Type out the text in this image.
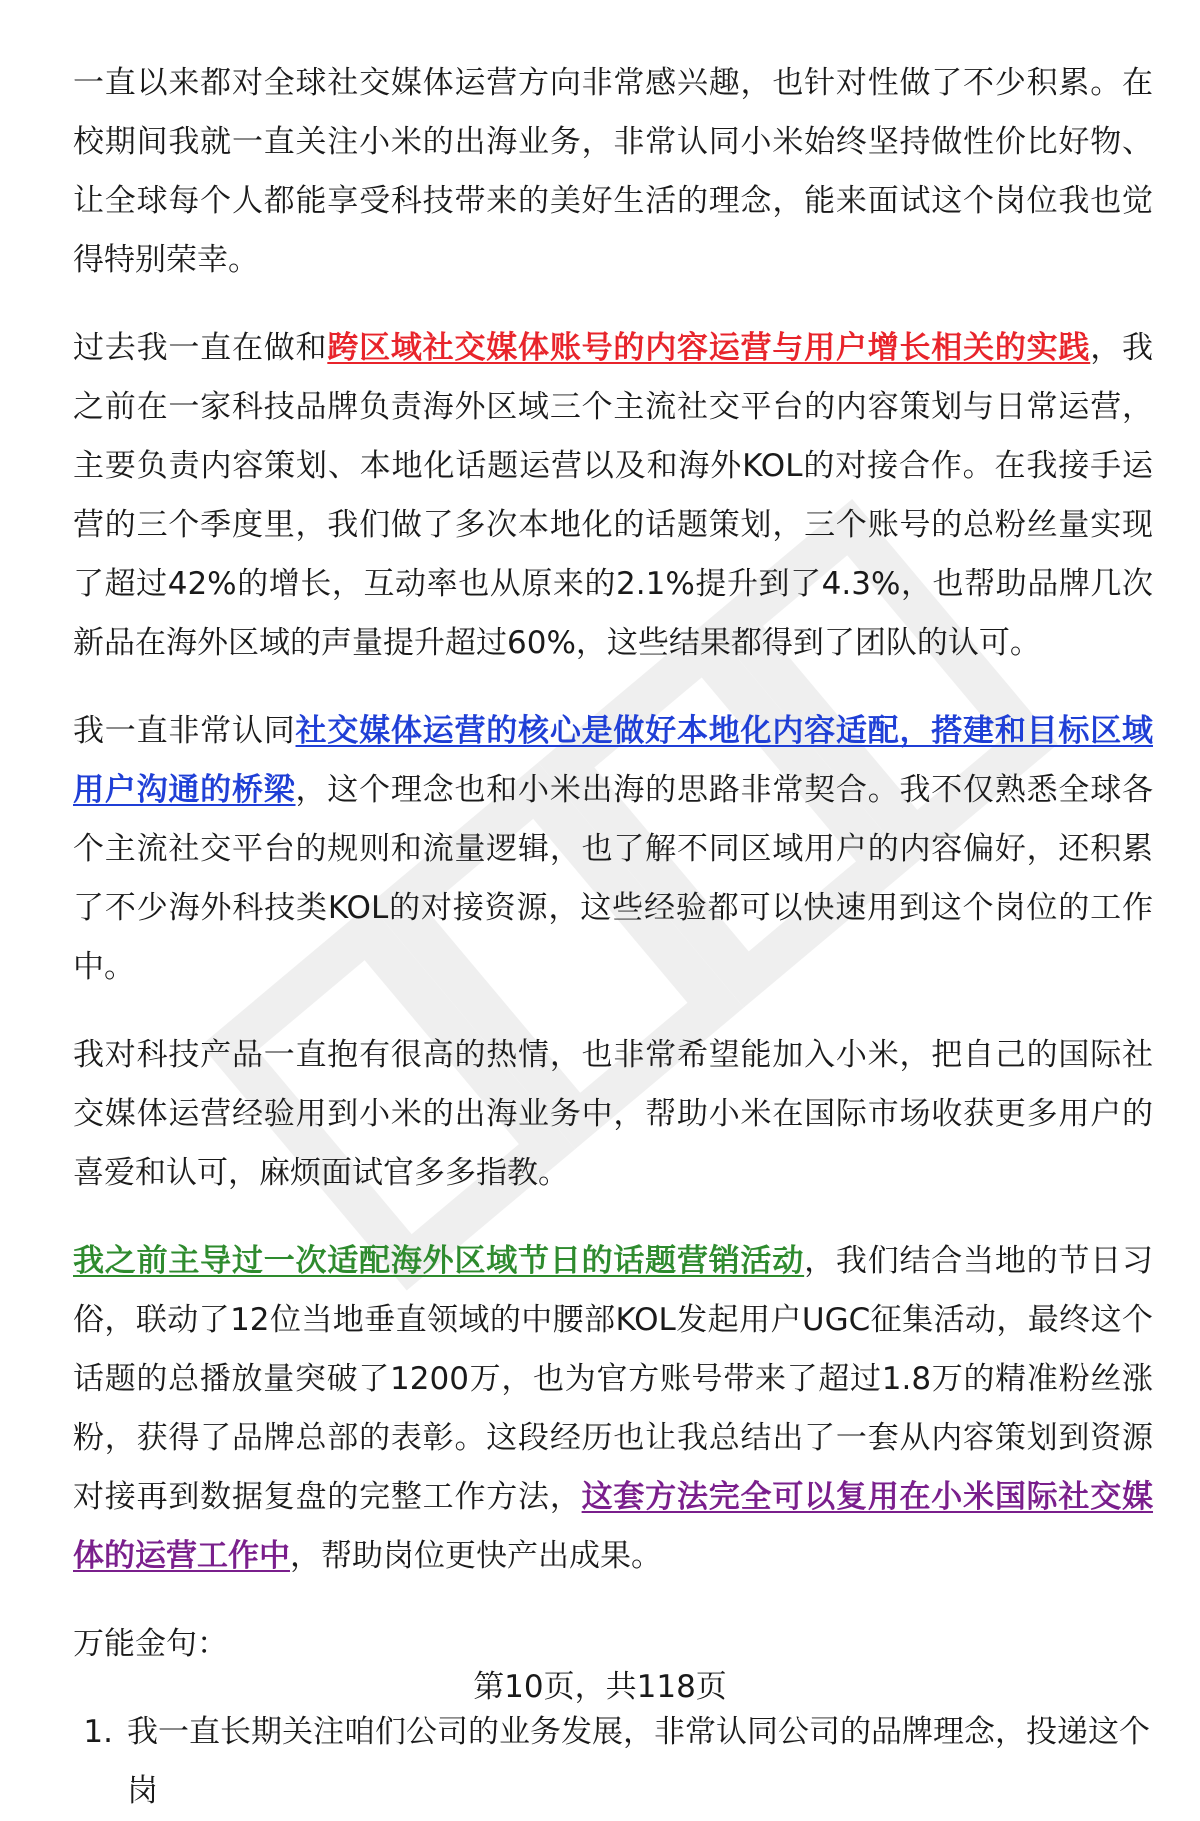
一直以来都对全球社交媒体运营方向非常感兴趣，也针对性做了不少积累。在校期间我就一直关注小米的出海业务，非常认同小米始终坚持做性价比好物、让全球每个人都能享受科技带来的美好生活的理念，能来面试这个岗位我也觉得特别荣幸。

过去我一直在做和跨区域社交媒体账号的内容运营与用户增长相关的实践，我之前在一家科技品牌负责海外区域三个主流社交平台的内容策划与日常运营，主要负责内容策划、本地化话题运营以及和海外KOL的对接合作。在我接手运营的三个季度里，我们做了多次本地化的话题策划，三个账号的总粉丝量实现了超过42%的增长，互动率也从原来的2.1%提升到了4.3%，也帮助品牌几次新品在海外区域的声量提升超过60%，这些结果都得到了团队的认可。

我一直非常认同社交媒体运营的核心是做好本地化内容适配，搭建和目标区域用户沟通的桥梁，这个理念也和小米出海的思路非常契合。我不仅熟悉全球各个主流社交平台的规则和流量逻辑，也了解不同区域用户的内容偏好，还积累了不少海外科技类KOL的对接资源，这些经验都可以快速用到这个岗位的工作中。

我对科技产品一直抱有很高的热情，也非常希望能加入小米，把自己的国际社交媒体运营经验用到小米的出海业务中，帮助小米在国际市场收获更多用户的喜爱和认可，麻烦面试官多多指教。

我之前主导过一次适配海外区域节日的话题营销活动，我们结合当地的节日习俗，联动了12位当地垂直领域的中腰部KOL发起用户UGC征集活动，最终这个话题的总播放量突破了1200万，也为官方账号带来了超过1.8万的精准粉丝涨粉，获得了品牌总部的表彰。这段经历也让我总结出了一套从内容策划到资源对接再到数据复盘的完整工作方法，这套方法完全可以复用在小米国际社交媒体的运营工作中，帮助岗位更快产出成果。

万能金句：

1. 我一直长期关注咱们公司的业务发展，非常认同公司的品牌理念，投递这个岗
第10页，共118页
